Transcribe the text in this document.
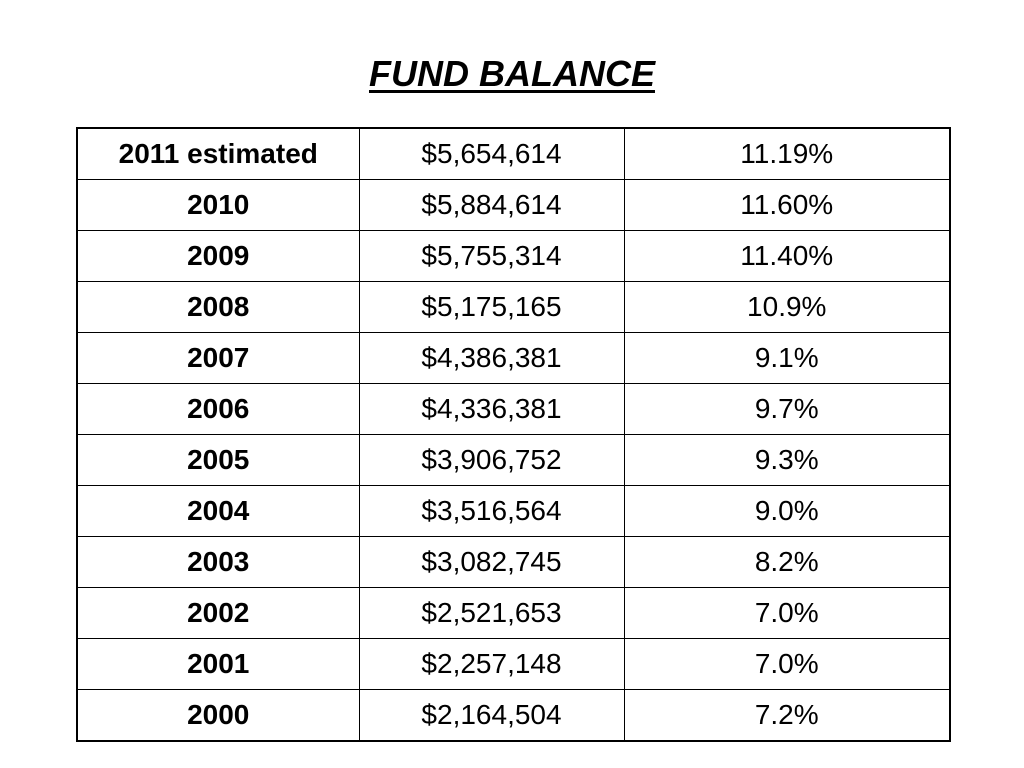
FUND BALANCE
2011 estimated	$5,654,614	11.19%
2010	$5,884,614	11.60%
2009	$5,755,314	11.40%
2008	$5,175,165	10.9%
2007	$4,386,381	9.1%
2006	$4,336,381	9.7%
2005	$3,906,752	9.3%
2004	$3,516,564	9.0%
2003	$3,082,745	8.2%
2002	$2,521,653	7.0%
2001	$2,257,148	7.0%
2000	$2,164,504	7.2%
